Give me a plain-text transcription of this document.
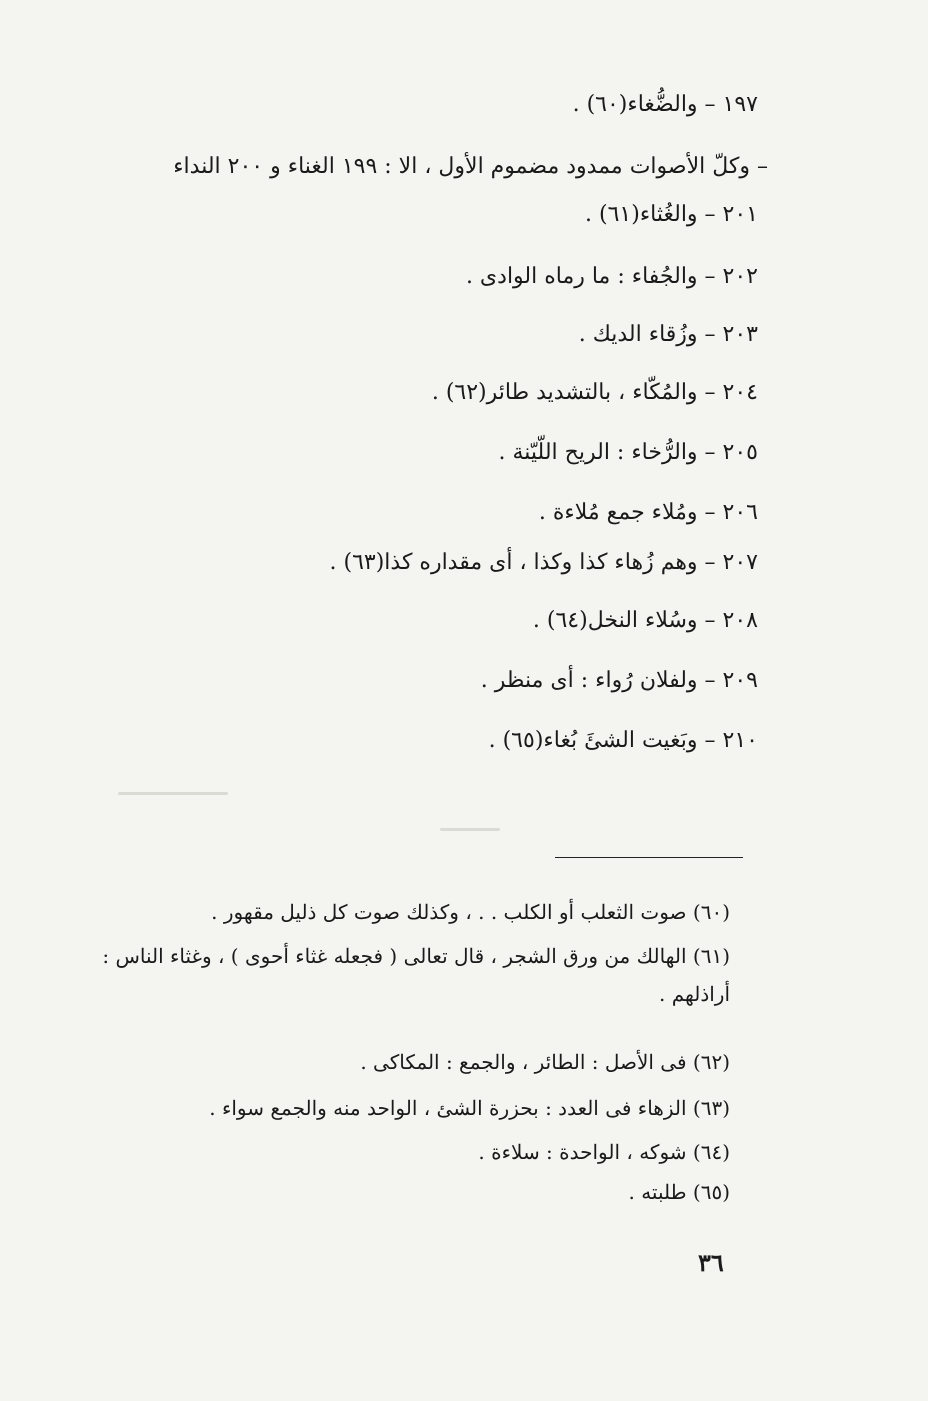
١٩٧ – والضُّغاء(٦٠) .
– وكلّ الأصوات ممدود مضموم الأول ، الا : ١٩٩ الغناء و ٢٠٠ النداء
٢٠١ – والغُثاء(٦١) .
٢٠٢ – والجُفاء : ما رماه الوادى .
٢٠٣ – وزُقاء الديك .
٢٠٤ – والمُكّاء ، بالتشديد طائر(٦٢) .
٢٠٥ – والرُّخاء : الريح اللّيّنة .
٢٠٦ – ومُلاء جمع مُلاءة .
٢٠٧ – وهم زُهاء كذا وكذا ، أى مقداره كذا(٦٣) .
٢٠٨ – وسُلاء النخل(٦٤) .
٢٠٩ – ولفلان رُواء : أى منظر .
٢١٠ – وبَغيت الشئَ بُغاء(٦٥) .
(٦٠) صوت الثعلب أو الكلب . . ، وكذلك صوت كل ذليل مقهور .
(٦١) الهالك من ورق الشجر ، قال تعالى ( فجعله غثاء أحوى ) ، وغثاء الناس :
أراذلهم .
(٦٢) فى الأصل : الطائر ، والجمع : المكاكى .
(٦٣) الزهاء فى العدد : بحزرة الشئ ، الواحد منه والجمع سواء .
(٦٤) شوكه ، الواحدة : سلاءة .
(٦٥) طلبته .
٣٦
